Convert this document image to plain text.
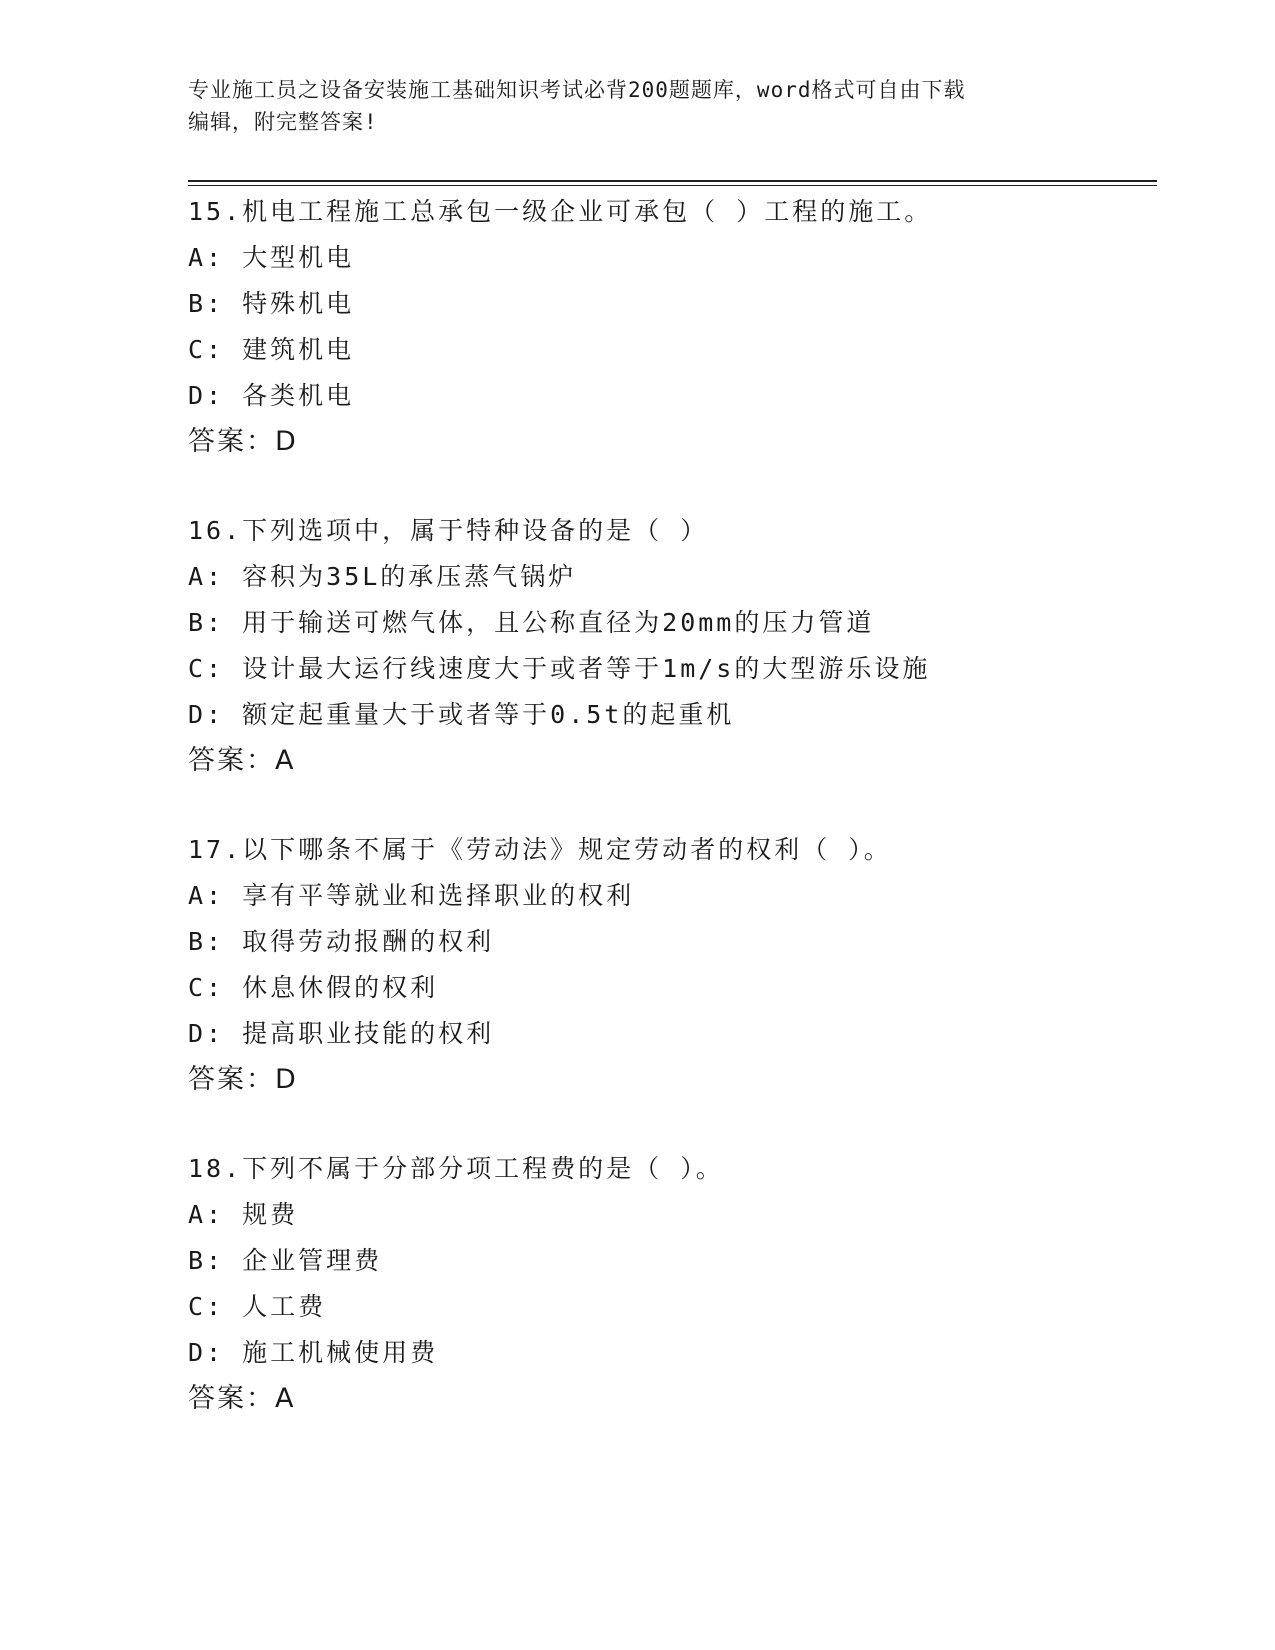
专业施工员之设备安装施工基础知识考试必背200题题库，word格式可自由下载
编辑，附完整答案!
15.机电工程施工总承包一级企业可承包（ ）工程的施工。
A: 大型机电
B: 特殊机电
C: 建筑机电
D: 各类机电
答案：D
16.下列选项中，属于特种设备的是（ ）
A: 容积为35L的承压蒸气锅炉
B: 用于输送可燃气体，且公称直径为20mm的压力管道
C: 设计最大运行线速度大于或者等于1m/s的大型游乐设施
D: 额定起重量大于或者等于0.5t的起重机
答案：A
17.以下哪条不属于《劳动法》规定劳动者的权利（ ）。
A: 享有平等就业和选择职业的权利
B: 取得劳动报酬的权利
C: 休息休假的权利
D: 提高职业技能的权利
答案：D
18.下列不属于分部分项工程费的是（ ）。
A: 规费
B: 企业管理费
C: 人工费
D: 施工机械使用费
答案：A
